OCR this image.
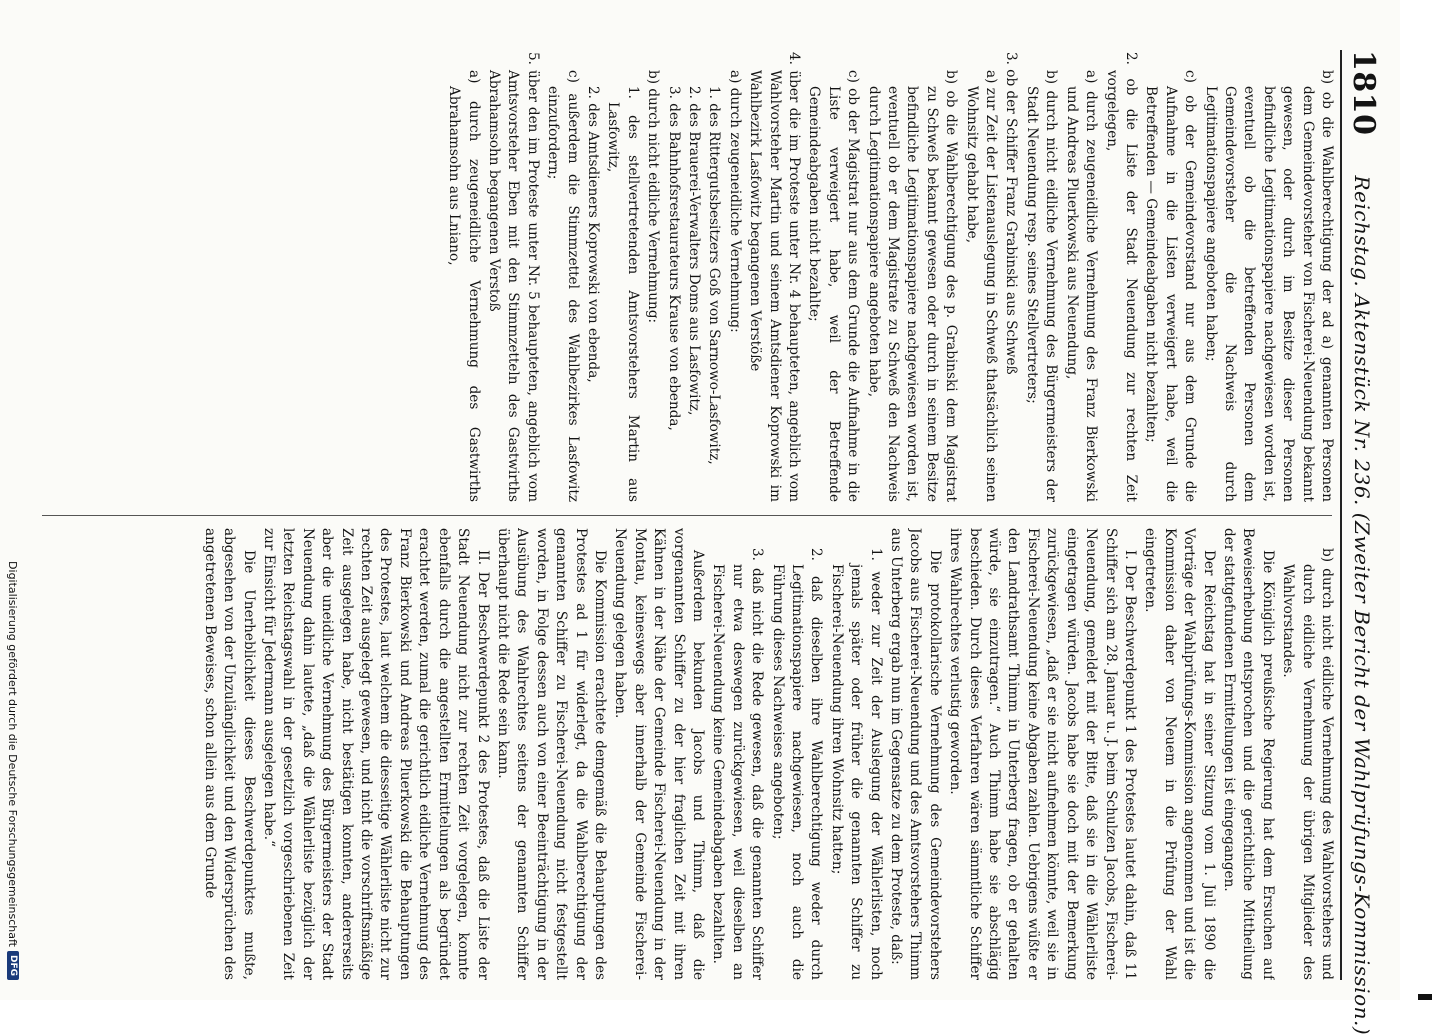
1810
Reichstag. Aktenstück Nr. 236. (Zweiter Bericht der Wahlprüfungs-Kommission.)

b) ob die Wahlberechtigung der ad a) genannten Personen dem Gemeindevorsteher von Fischerei-Neuendung bekannt gewesen, oder durch im Besitze dieser Personen befindliche Legitimationspapiere nachgewiesen worden ist, eventuell ob die betreffenden Personen dem Gemeindevorsteher die Nachweis durch Legitimationspapiere angeboten haben;

c) ob der Gemeindevorstand nur aus dem Grunde die Aufnahme in die Listen verweigert habe, weil die Betreffenden — Gemeindeabgaben nicht bezahlten;

2. ob die Liste der Stadt Neuendung zur rechten Zeit vorgelegen,

a) durch zeugeneidliche Vernehmung des Franz Bierkowski und Andreas Pluerkowski aus Neuendung,

b) durch nicht eidliche Vernehmung des Bürgermeisters der Stadt Neuendung resp. seines Stellvertreters;

3. ob der Schiffer Franz Grabinski aus Schweß

a) zur Zeit der Listenauslegung in Schweß thatsächlich seinen Wohnsitz gehabt habe,

b) ob die Wahlberechtigung des p. Grabinski dem Magistrat zu Schweß bekannt gewesen oder durch in seinem Besitze befindliche Legitimationspapiere nachgewiesen worden ist, eventuell ob er dem Magistrate zu Schweß den Nachweis durch Legitimationspapiere angeboten habe,

c) ob der Magistrat nur aus dem Grunde die Aufnahme in die Liste verweigert habe, weil der Betreffende Gemeindeabgaben nicht bezahlte;

4. über die im Proteste unter Nr. 4 behaupteten, angeblich vom Wahlvorsteher Martin und seinem Amtsdiener Koprowski im Wahlbezirk Lasfowitz begangenen Verstöße

a) durch zeugeneidliche Vernehmung:

1. des Rittergutsbesitzers Goß von Sarnowo-Lasfowitz,

2. des Brauerei-Verwalters Doms aus Lasfowitz,

3. des Bahnhofsrestaurateurs Krause von ebenda,

b) durch nicht eidliche Vernehmung:

1. des stellvertretenden Amtsvorstehers Martin aus Lasfowitz,

2. des Amtsdieners Koprowski von ebenda,

c) außerdem die Stimmzettel des Wahlbezirkes Lasfowitz einzufordern;

5. über den im Proteste unter Nr. 5 behaupteten, angeblich vom Amtsvorsteher Eben mit den Stimmzetteln des Gastwirths Abrahamsohn begangenen Verstoß

a) durch zeugeneidliche Vernehmung des Gastwirths Abrahamsohn aus Lniano,

b) durch nicht eidliche Vernehmung des Wahlvorstehers und durch eidliche Vernehmung der übrigen Mitglieder des Wahlvorstandes.

Die Königlich preußische Regierung hat dem Ersuchen auf Beweiserhebung entsprochen und die gerichtliche Mittheilung der stattgefundenen Ermittelungen ist eingegangen.

Der Reichstag hat in seiner Sitzung vom 1. Juli 1890 die Vorträge der Wahlprüfungs-Kommission angenommen und ist die Kommission daher von Neuem in die Prüfung der Wahl eingetreten.

I. Der Beschwerdepunkt 1 des Protestes lautet dahin, daß 11 Schiffer sich am 28. Januar u. J. beim Schulzen Jacobs, Fischerei-Neuendung, gemeldet mit der Bitte, daß sie in die Wählerliste eingetragen würden. Jacobs habe sie doch mit der Bemerkung zurückgewiesen, „daß er sie nicht aufnehmen könnte, weil sie in Fischerei-Neuendung keine Abgaben zahlen. Uebrigens wüßte er den Landrathsamt Thimm in Unterberg fragen, ob er gehalten würde, sie einzutragen.“ Auch Thimm habe sie abschlägig beschieden. Durch dieses Verfahren wären sämmtliche Schiffer ihres Wahlrechtes verlustig geworden.

Die protokollarische Vernehmung des Gemeindevorstehers Jacobs aus Fischerei-Neuendung und des Amtsvorstehers Thimm aus Unterberg ergab nun im Gegensatze zu dem Proteste, daß:

1. weder zur Zeit der Auslegung der Wählerlisten, noch jemals später oder früher die genannten Schiffer zu Fischerei-Neuendung ihren Wohnsitz hatten;

2. daß dieselben ihre Wahlberechtigung weder durch Legitimationspapiere nachgewiesen, noch auch die Führung dieses Nachweises angeboten;

3. daß nicht die Rede gewesen, daß die genannten Schiffer nur etwa deswegen zurückgewiesen, weil dieselben an Fischerei-Neuendung keine Gemeindeabgaben bezahlten.

Außerdem bekunden Jacobs und Thimm, daß die vorgenannten Schiffer zu der hier fraglichen Zeit mit ihren Kähnen in der Nähe der Gemeinde Fischerei-Neuendung in der Montau, keineswegs aber innerhalb der Gemeinde Fischerei-Neuendung gelegen haben.

Die Kommission erachtete demgemäß die Behauptungen des Protestes ad 1 für widerlegt, da die Wahlberechtigung der genannten Schiffer zu Fischerei-Neuendung nicht festgestellt worden, in Folge dessen auch von einer Beeinträchtigung in der Ausübung des Wahlrechtes seitens der genannten Schiffer überhaupt nicht die Rede sein kann.

II. Der Beschwerdepunkt 2 des Protestes, daß die Liste der Stadt Neuendung nicht zur rechten Zeit vorgelegen, konnte ebenfalls durch die angestellten Ermittelungen als begründet erachtet werden, zumal die gerichtlich eidliche Vernehmung des Franz Bierkowski und Andreas Pluerkowski die Behauptungen des Protestes, laut welchem die diesseitige Wählerliste nicht zur rechten Zeit ausgelegt gewesen, und nicht die vorschriftsmäßige Zeit ausgelegen habe, nicht bestätigen konnten, andererseits aber die uneidliche Vernehmung des Bürgermeisters der Stadt Neuendung dahin lautete, „daß die Wählerliste bezüglich der letzten Reichstagswahl in der gesetzlich vorgeschriebenen Zeit zur Einsicht für Jedermann ausgelegen habe.“

Die Unerheblichkeit dieses Beschwerdepunktes mußte, abgesehen von der Unzulänglichkeit und den Widersprüchen des angetretenen Beweises, schon allein aus dem Grunde

Digitalisierung gefördert durch die Deutsche Forschungsgemeinschaft
DFG
